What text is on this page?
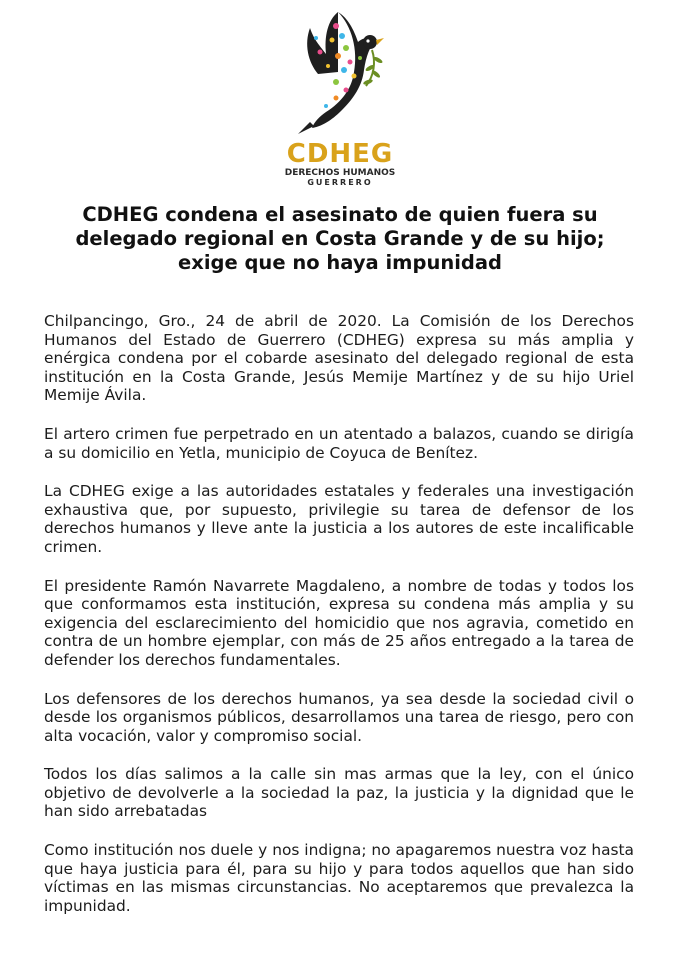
CDHEG
DERECHOS HUMANOS
GUERRERO
CDHEG condena el asesinato de quien fuera su delegado regional en Costa Grande y de su hijo; exige que no haya impunidad

Chilpancingo, Gro., 24 de abril de 2020. La Comisión de los Derechos Humanos del Estado de Guerrero (CDHEG) expresa su más amplia y enérgica condena por el cobarde asesinato del delegado regional de esta institución en la Costa Grande, Jesús Memije Martínez y de su hijo Uriel Memije Ávila.

El artero crimen fue perpetrado en un atentado a balazos, cuando se dirigía a su domicilio en Yetla, municipio de Coyuca de Benítez.

La CDHEG exige a las autoridades estatales y federales una investigación exhaustiva que, por supuesto, privilegie su tarea de defensor de los derechos humanos y lleve ante la justicia a los autores de este incalificable crimen.

El presidente Ramón Navarrete Magdaleno, a nombre de todas y todos los que conformamos esta institución, expresa su condena más amplia y su exigencia del esclarecimiento del homicidio que nos agravia, cometido en contra de un hombre ejemplar, con más de 25 años entregado a la tarea de defender los derechos fundamentales.

Los defensores de los derechos humanos, ya sea desde la sociedad civil o desde los organismos públicos, desarrollamos una tarea de riesgo, pero con alta vocación, valor y compromiso social.

Todos los días salimos a la calle sin mas armas que la ley, con el único objetivo de devolverle a la sociedad la paz, la justicia y la dignidad que le han sido arrebatadas

Como institución nos duele y nos indigna; no apagaremos nuestra voz hasta que haya justicia para él, para su hijo y para todos aquellos que han sido víctimas en las mismas circunstancias. No aceptaremos que prevalezca la impunidad.
